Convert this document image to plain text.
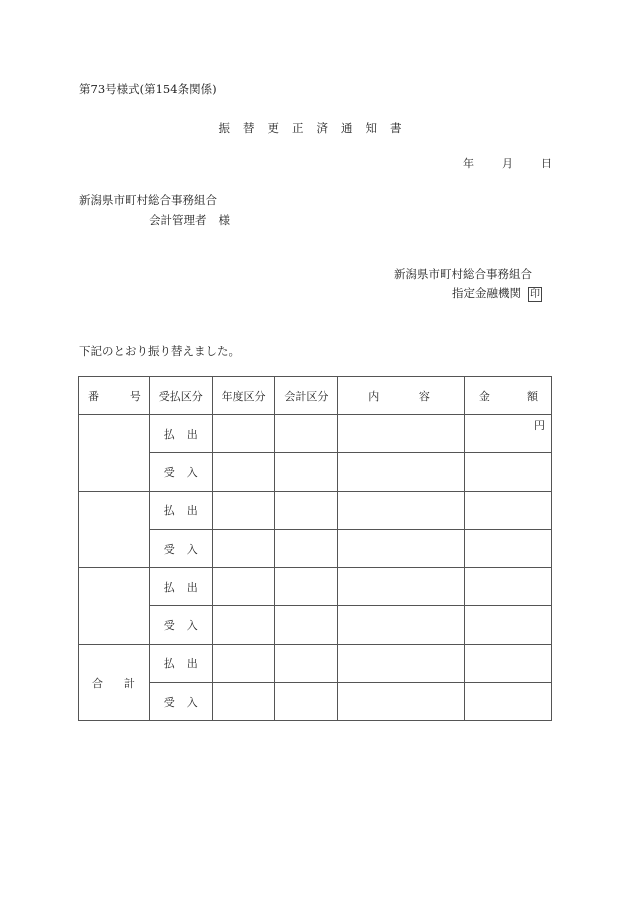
第73号様式(第154条関係)
振 替 更 正 済 通 知 書
年	月	日
新潟県市町村総合事務組合
会計管理者 様
新潟県市町村総合事務組合
指定金融機関 印
下記のとおり振り替えました。
番 号	受払区分	年度区分	会計区分	内 容	金 額

	払 出				円

	受 入				
	払 出				
	受 入				
	払 出				
	受 入				

合 計	払 出				
	受 入				
